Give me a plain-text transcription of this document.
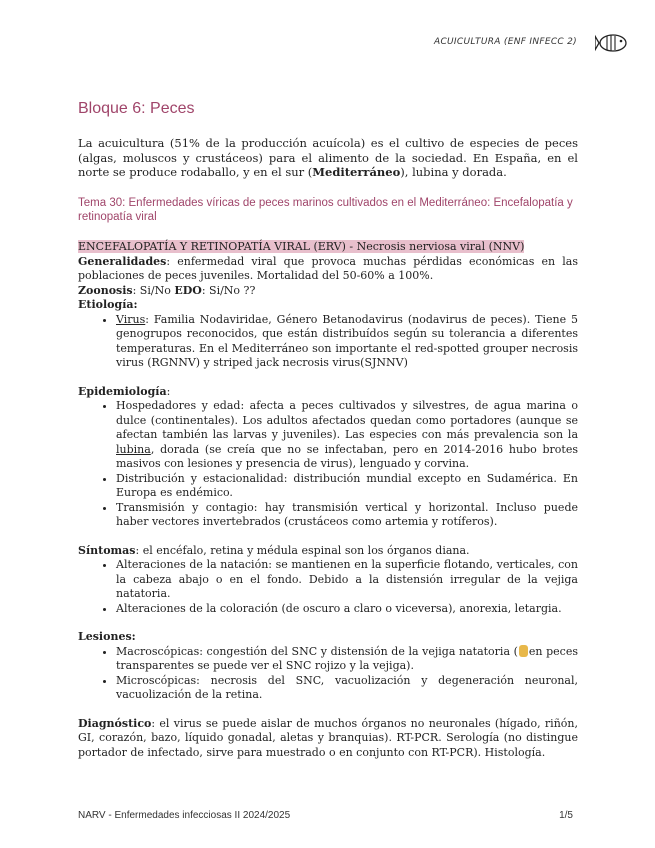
ACUICULTURA (ENF INFECC 2)
Bloque 6: Peces

La acuicultura (51% de la producción acuícola) es el cultivo de especies de peces (algas, moluscos y crustáceos) para el alimento de la sociedad. En España, en el norte se produce rodaballo, y en el sur (Mediterráneo), lubina y dorada.

Tema 30: Enfermedades víricas de peces marinos cultivados en el Mediterráneo: Encefalopatía y retinopatía viral

ENCEFALOPATÍA Y RETINOPATÍA VIRAL (ERV) - Necrosis nerviosa viral (NNV)

Generalidades: enfermedad viral que provoca muchas pérdidas económicas en las poblaciones de peces juveniles. Mortalidad del 50-60% a 100%.

Zoonosis: Si/No EDO: Si/No ??

Etiología:

• Virus: Familia Nodaviridae, Género Betanodavirus (nodavirus de peces). Tiene 5 genogrupos reconocidos, que están distribuídos según su tolerancia a diferentes temperaturas. En el Mediterráneo son importante el red-spotted grouper necrosis virus (RGNNV) y striped jack necrosis virus(SJNNV)

Epidemiología:

• Hospedadores y edad: afecta a peces cultivados y silvestres, de agua marina o dulce (continentales). Los adultos afectados quedan como portadores (aunque se afectan también las larvas y juveniles). Las especies con más prevalencia son la lubina, dorada (se creía que no se infectaban, pero en 2014-2016 hubo brotes masivos con lesiones y presencia de virus), lenguado y corvina.
• Distribución y estacionalidad: distribución mundial excepto en Sudamérica. En Europa es endémico.
• Transmisión y contagio: hay transmisión vertical y horizontal. Incluso puede haber vectores invertebrados (crustáceos como artemia y rotíferos).

Síntomas: el encéfalo, retina y médula espinal son los órganos diana.

• Alteraciones de la natación: se mantienen en la superficie flotando, verticales, con la cabeza abajo o en el fondo. Debido a la distensión irregular de la vejiga natatoria.
• Alteraciones de la coloración (de oscuro a claro o viceversa), anorexia, letargia.

Lesiones:

• Macroscópicas: congestión del SNC y distensión de la vejiga natatoria ( en peces transparentes se puede ver el SNC rojizo y la vejiga).
• Microscópicas: necrosis del SNC, vacuolización y degeneración neuronal, vacuolización de la retina.

Diagnóstico: el virus se puede aislar de muchos órganos no neuronales (hígado, riñón, GI, corazón, bazo, líquido gonadal, aletas y branquias). RT-PCR. Serología (no distingue portador de infectado, sirve para muestrado o en conjunto con RT-PCR). Histología.

NARV - Enfermedades infecciosas II 2024/2025	1/5
